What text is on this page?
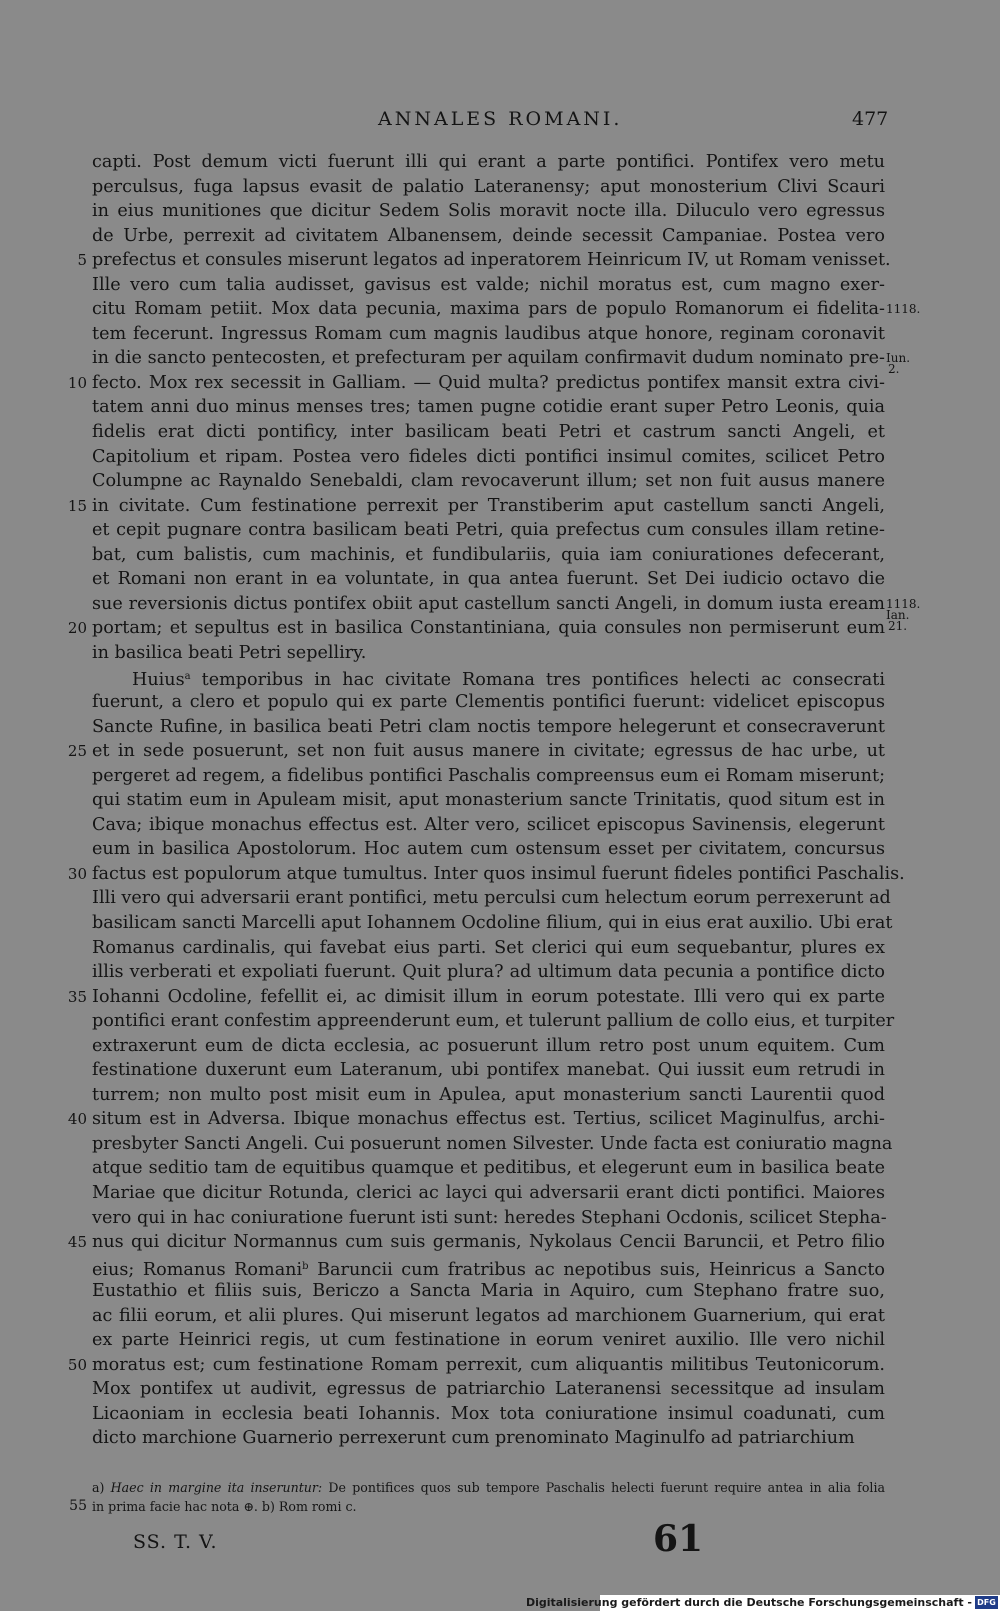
ANNALES ROMANI.	477
capti. Post demum victi fuerunt illi qui erant a parte pontifici. Pontifex vero metu
perculsus, fuga lapsus evasit de palatio Lateranensy; aput monosterium Clivi Scauri
in eius munitiones que dicitur Sedem Solis moravit nocte illa. Diluculo vero egressus
de Urbe, perrexit ad civitatem Albanensem, deinde secessit Campaniae. Postea vero
5 prefectus et consules miserunt legatos ad inperatorem Heinricum IV, ut Romam venisset.
Ille vero cum talia audisset, gavisus est valde; nichil moratus est, cum magno exer-
citu Romam petiit. Mox data pecunia, maxima pars de populo Romanorum ei fidelita-
tem fecerunt. Ingressus Romam cum magnis laudibus atque honore, reginam coronavit
in die sancto pentecosten, et prefecturam per aquilam confirmavit dudum nominato pre-
10 fecto. Mox rex secessit in Galliam. — Quid multa? predictus pontifex mansit extra civi-
tatem anni duo minus menses tres; tamen pugne cotidie erant super Petro Leonis, quia
fidelis erat dicti pontificy, inter basilicam beati Petri et castrum sancti Angeli, et
Capitolium et ripam. Postea vero fideles dicti pontifici insimul comites, scilicet Petro
Columpne ac Raynaldo Senebaldi, clam revocaverunt illum; set non fuit ausus manere
15 in civitate. Cum festinatione perrexit per Transtiberim aput castellum sancti Angeli,
et cepit pugnare contra basilicam beati Petri, quia prefectus cum consules illam retine-
bat, cum balistis, cum machinis, et fundibulariis, quia iam coniurationes defecerant,
et Romani non erant in ea voluntate, in qua antea fuerunt. Set Dei iudicio octavo die
sue reversionis dictus pontifex obiit aput castellum sancti Angeli, in domum iusta eream
20 portam; et sepultus est in basilica Constantiniana, quia consules non permiserunt eum
in basilica beati Petri sepelliry.
Huius$^a$ temporibus in hac civitate Romana tres pontifices helecti ac consecrati
fuerunt, a clero et populo qui ex parte Clementis pontifici fuerunt: videlicet episcopus
Sancte Rufine, in basilica beati Petri clam noctis tempore helegerunt et consecraverunt
25 et in sede posuerunt, set non fuit ausus manere in civitate; egressus de hac urbe, ut
pergeret ad regem, a fidelibus pontifici Paschalis compreensus eum ei Romam miserunt;
qui statim eum in Apuleam misit, aput monasterium sancte Trinitatis, quod situm est in
Cava; ibique monachus effectus est. Alter vero, scilicet episcopus Savinensis, elegerunt
eum in basilica Apostolorum. Hoc autem cum ostensum esset per civitatem, concursus
30 factus est populorum atque tumultus. Inter quos insimul fuerunt fideles pontifici Paschalis.
Illi vero qui adversarii erant pontifici, metu perculsi cum helectum eorum perrexerunt ad
basilicam sancti Marcelli aput Iohannem Ocdoline filium, qui in eius erat auxilio. Ubi erat
Romanus cardinalis, qui favebat eius parti. Set clerici qui eum sequebantur, plures ex
illis verberati et expoliati fuerunt. Quit plura? ad ultimum data pecunia a pontifice dicto
35 Iohanni Ocdoline, fefellit ei, ac dimisit illum in eorum potestate. Illi vero qui ex parte
pontifici erant confestim appreenderunt eum, et tulerunt pallium de collo eius, et turpiter
extraxerunt eum de dicta ecclesia, ac posuerunt illum retro post unum equitem. Cum
festinatione duxerunt eum Lateranum, ubi pontifex manebat. Qui iussit eum retrudi in
turrem; non multo post misit eum in Apulea, aput monasterium sancti Laurentii quod
40 situm est in Adversa. Ibique monachus effectus est. Tertius, scilicet Maginulfus, archi-
presbyter Sancti Angeli. Cui posuerunt nomen Silvester. Unde facta est coniuratio magna
atque seditio tam de equitibus quamque et peditibus, et elegerunt eum in basilica beate
Mariae que dicitur Rotunda, clerici ac layci qui adversarii erant dicti pontifici. Maiores
vero qui in hac coniuratione fuerunt isti sunt: heredes Stephani Ocdonis, scilicet Stepha-
45 nus qui dicitur Normannus cum suis germanis, Nykolaus Cencii Baruncii, et Petro filio
eius; Romanus Romani$^b$ Baruncii cum fratribus ac nepotibus suis, Heinricus a Sancto
Eustathio et filiis suis, Bericzo a Sancta Maria in Aquiro, cum Stephano fratre suo,
ac filii eorum, et alii plures. Qui miserunt legatos ad marchionem Guarnerium, qui erat
ex parte Heinrici regis, ut cum festinatione in eorum veniret auxilio. Ille vero nichil
50 moratus est; cum festinatione Romam perrexit, cum aliquantis militibus Teutonicorum.
Mox pontifex ut audivit, egressus de patriarchio Lateranensi secessitque ad insulam
Licaoniam in ecclesia beati Iohannis. Mox tota coniuratione insimul coadunati, cum
dicto marchione Guarnerio perrexerunt cum prenominato Maginulfo ad patriarchium
1118.
Iun.
2.
1118.
Ian.
21.
a) Haec in margine ita inseruntur: De pontifices quos sub tempore Paschalis helecti fuerunt require antea in alia folia
55 in prima facie hac nota ⊕. b) Rom romi c.
SS. T. V.	61
Digitalisierung gefördert durch die Deutsche Forschungsgemeinschaft - DFG
